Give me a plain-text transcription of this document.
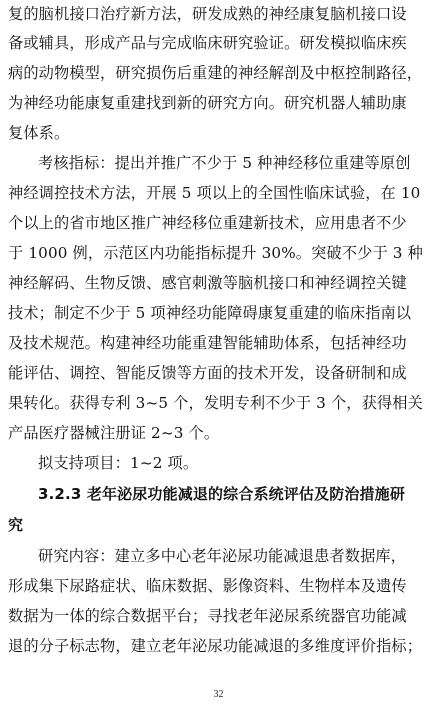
复的脑机接口治疗新方法，研发成熟的神经康复脑机接口设
备或辅具，形成产品与完成临床研究验证。研发模拟临床疾
病的动物模型，研究损伤后重建的神经解剖及中枢控制路径，
为神经功能康复重建找到新的研究方向。研究机器人辅助康
复体系。
考核指标：提出并推广不少于 5 种神经移位重建等原创
神经调控技术方法，开展 5 项以上的全国性临床试验，在 10
个以上的省市地区推广神经移位重建新技术，应用患者不少
于 1000 例，示范区内功能指标提升 30%。突破不少于 3 种
神经解码、生物反馈、感官刺激等脑机接口和神经调控关键
技术；制定不少于 5 项神经功能障碍康复重建的临床指南以
及技术规范。构建神经功能重建智能辅助体系，包括神经功
能评估、调控、智能反馈等方面的技术开发，设备研制和成
果转化。获得专利 3~5 个，发明专利不少于 3 个，获得相关
产品医疗器械注册证 2~3 个。
拟支持项目：1~2 项。
3.2.3 老年泌尿功能减退的综合系统评估及防治措施研
究
研究内容：建立多中心老年泌尿功能减退患者数据库，
形成集下尿路症状、临床数据、影像资料、生物样本及遗传
数据为一体的综合数据平台；寻找老年泌尿系统器官功能减
退的分子标志物，建立老年泌尿功能减退的多维度评价指标；
32
